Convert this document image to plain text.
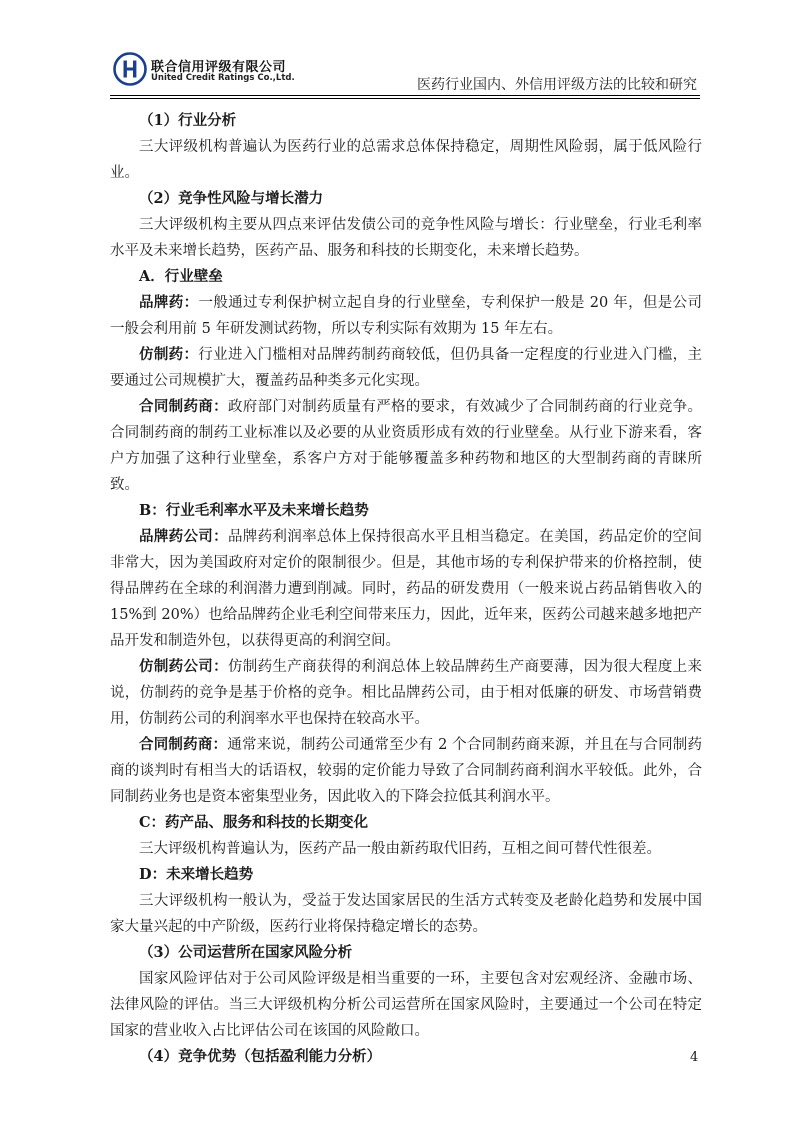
联合信用评级有限公司
United Credit Ratings Co.,Ltd.	医药行业国内、外信用评级方法的比较和研究

（1）行业分析

三大评级机构普遍认为医药行业的总需求总体保持稳定，周期性风险弱，属于低风险行业。

（2）竞争性风险与增长潜力

三大评级机构主要从四点来评估发债公司的竞争性风险与增长：行业壁垒，行业毛利率水平及未来增长趋势，医药产品、服务和科技的长期变化，未来增长趋势。

A．行业壁垒

品牌药：一般通过专利保护树立起自身的行业壁垒，专利保护一般是 20 年，但是公司一般会利用前 5 年研发测试药物，所以专利实际有效期为 15 年左右。

仿制药：行业进入门槛相对品牌药制药商较低，但仍具备一定程度的行业进入门槛，主要通过公司规模扩大，覆盖药品种类多元化实现。

合同制药商：政府部门对制药质量有严格的要求，有效减少了合同制药商的行业竞争。合同制药商的制药工业标准以及必要的从业资质形成有效的行业壁垒。从行业下游来看，客户方加强了这种行业壁垒，系客户方对于能够覆盖多种药物和地区的大型制药商的青睐所致。

B：行业毛利率水平及未来增长趋势

品牌药公司：品牌药利润率总体上保持很高水平且相当稳定。在美国，药品定价的空间非常大，因为美国政府对定价的限制很少。但是，其他市场的专利保护带来的价格控制，使得品牌药在全球的利润潜力遭到削减。同时，药品的研发费用（一般来说占药品销售收入的 15%到 20%）也给品牌药企业毛利空间带来压力，因此，近年来，医药公司越来越多地把产品开发和制造外包，以获得更高的利润空间。

仿制药公司：仿制药生产商获得的利润总体上较品牌药生产商要薄，因为很大程度上来说，仿制药的竞争是基于价格的竞争。相比品牌药公司，由于相对低廉的研发、市场营销费用，仿制药公司的利润率水平也保持在较高水平。

合同制药商：通常来说，制药公司通常至少有 2 个合同制药商来源，并且在与合同制药商的谈判时有相当大的话语权，较弱的定价能力导致了合同制药商利润水平较低。此外，合同制药业务也是资本密集型业务，因此收入的下降会拉低其利润水平。

C：药产品、服务和科技的长期变化

三大评级机构普遍认为，医药产品一般由新药取代旧药，互相之间可替代性很差。

D：未来增长趋势

三大评级机构一般认为，受益于发达国家居民的生活方式转变及老龄化趋势和发展中国家大量兴起的中产阶级，医药行业将保持稳定增长的态势。

（3）公司运营所在国家风险分析

国家风险评估对于公司风险评级是相当重要的一环，主要包含对宏观经济、金融市场、法律风险的评估。当三大评级机构分析公司运营所在国家风险时，主要通过一个公司在特定国家的营业收入占比评估公司在该国的风险敞口。

（4）竞争优势（包括盈利能力分析）	4
